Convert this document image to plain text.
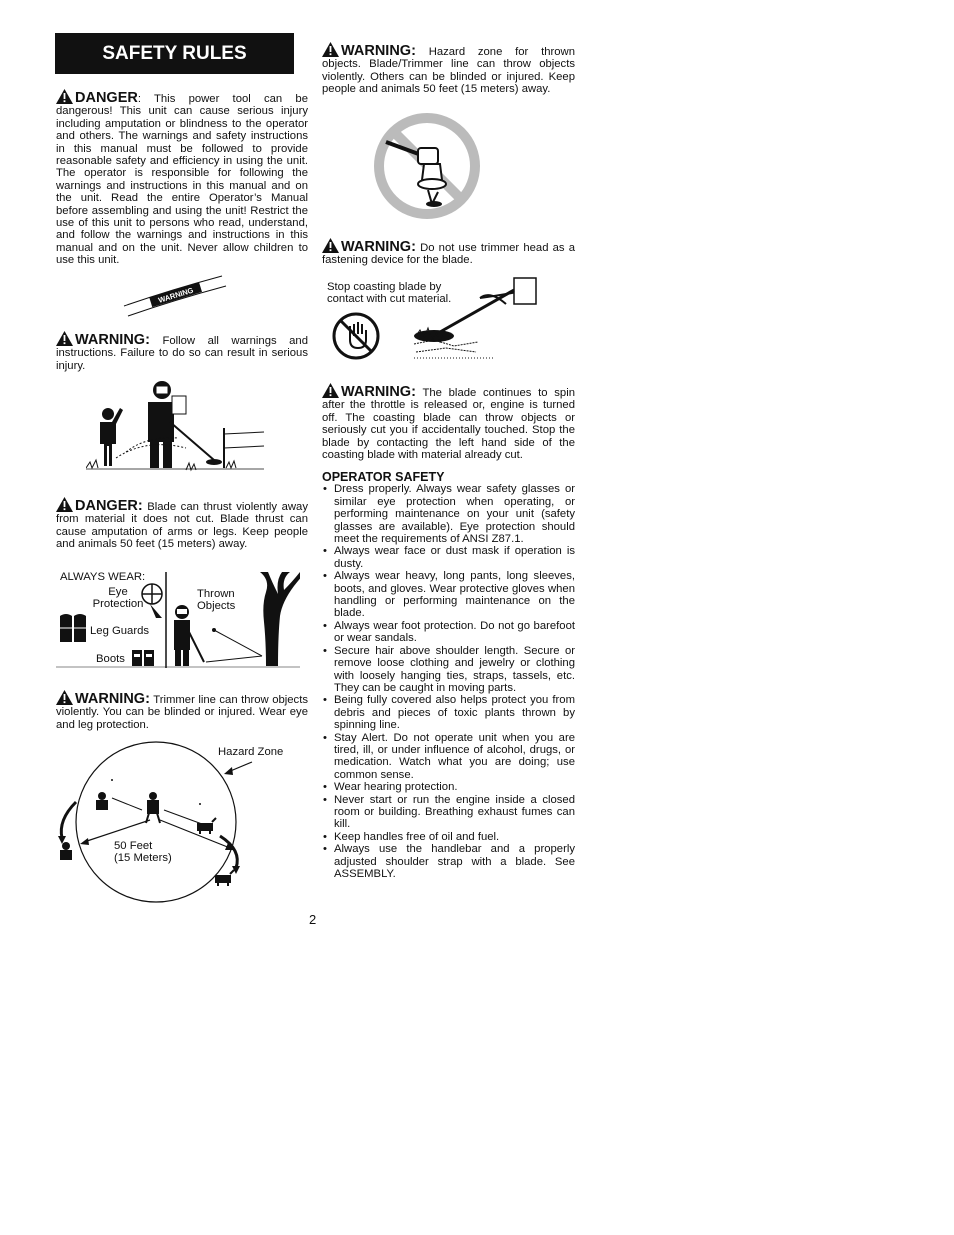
SAFETY RULES
DANGER: This power tool can be dangerous! This unit can cause serious injury including amputation or blindness to the operator and others. The warnings and safety instructions in this manual must be followed to provide reasonable safety and efficiency in using the unit. The operator is responsible for following the warnings and instructions in this manual and on the unit. Read the entire Operator’s Manual before assembling and using the unit! Restrict the use of this unit to persons who read, understand, and follow the warnings and instructions in this manual and on the unit. Never allow children to use this unit.
WARNING
WARNING: Follow all warnings and instructions. Failure to do so can result in serious injury.
DANGER: Blade can thrust violently away from material it does not cut. Blade thrust can cause amputation of arms or legs. Keep people and animals 50 feet (15 meters) away.
ALWAYS WEAR:
Eye
Protection
Leg Guards
Boots
Thrown
Objects
WARNING: Trimmer line can throw objects violently. You can be blinded or injured. Wear eye and leg protection.
Hazard Zone
50 Feet
(15 Meters)
WARNING: Hazard zone for thrown objects. Blade/Trimmer line can throw objects violently. Others can be blinded or injured. Keep people and animals 50 feet (15 meters) away.
WARNING: Do not use trimmer head as a fastening device for the blade.
Stop coasting blade by
contact with cut material.
WARNING: The blade continues to spin after the throttle is released or, engine is turned off. The coasting blade can throw objects or seriously cut you if accidentally touched. Stop the blade by contacting the left hand side of the coasting blade with material already cut.
OPERATOR SAFETY
• Dress properly. Always wear safety glasses or similar eye protection when operating, or performing maintenance on your unit (safety glasses are available). Eye protection should meet the requirements of ANSI Z87.1.
• Always wear face or dust mask if operation is dusty.
• Always wear heavy, long pants, long sleeves, boots, and gloves. Wear protective gloves when handling or performing maintenance on the blade.
• Always wear foot protection. Do not go barefoot or wear sandals.
• Secure hair above shoulder length. Secure or remove loose clothing and jewelry or clothing with loosely hanging ties, straps, tassels, etc. They can be caught in moving parts.
• Being fully covered also helps protect you from debris and pieces of toxic plants thrown by spinning line.
• Stay Alert. Do not operate unit when you are tired, ill, or under influence of alcohol, drugs, or medication. Watch what you are doing; use common sense.
• Wear hearing protection.
• Never start or run the engine inside a closed room or building. Breathing exhaust fumes can kill.
• Keep handles free of oil and fuel.
• Always use the handlebar and a properly adjusted shoulder strap with a blade. See ASSEMBLY.
2
